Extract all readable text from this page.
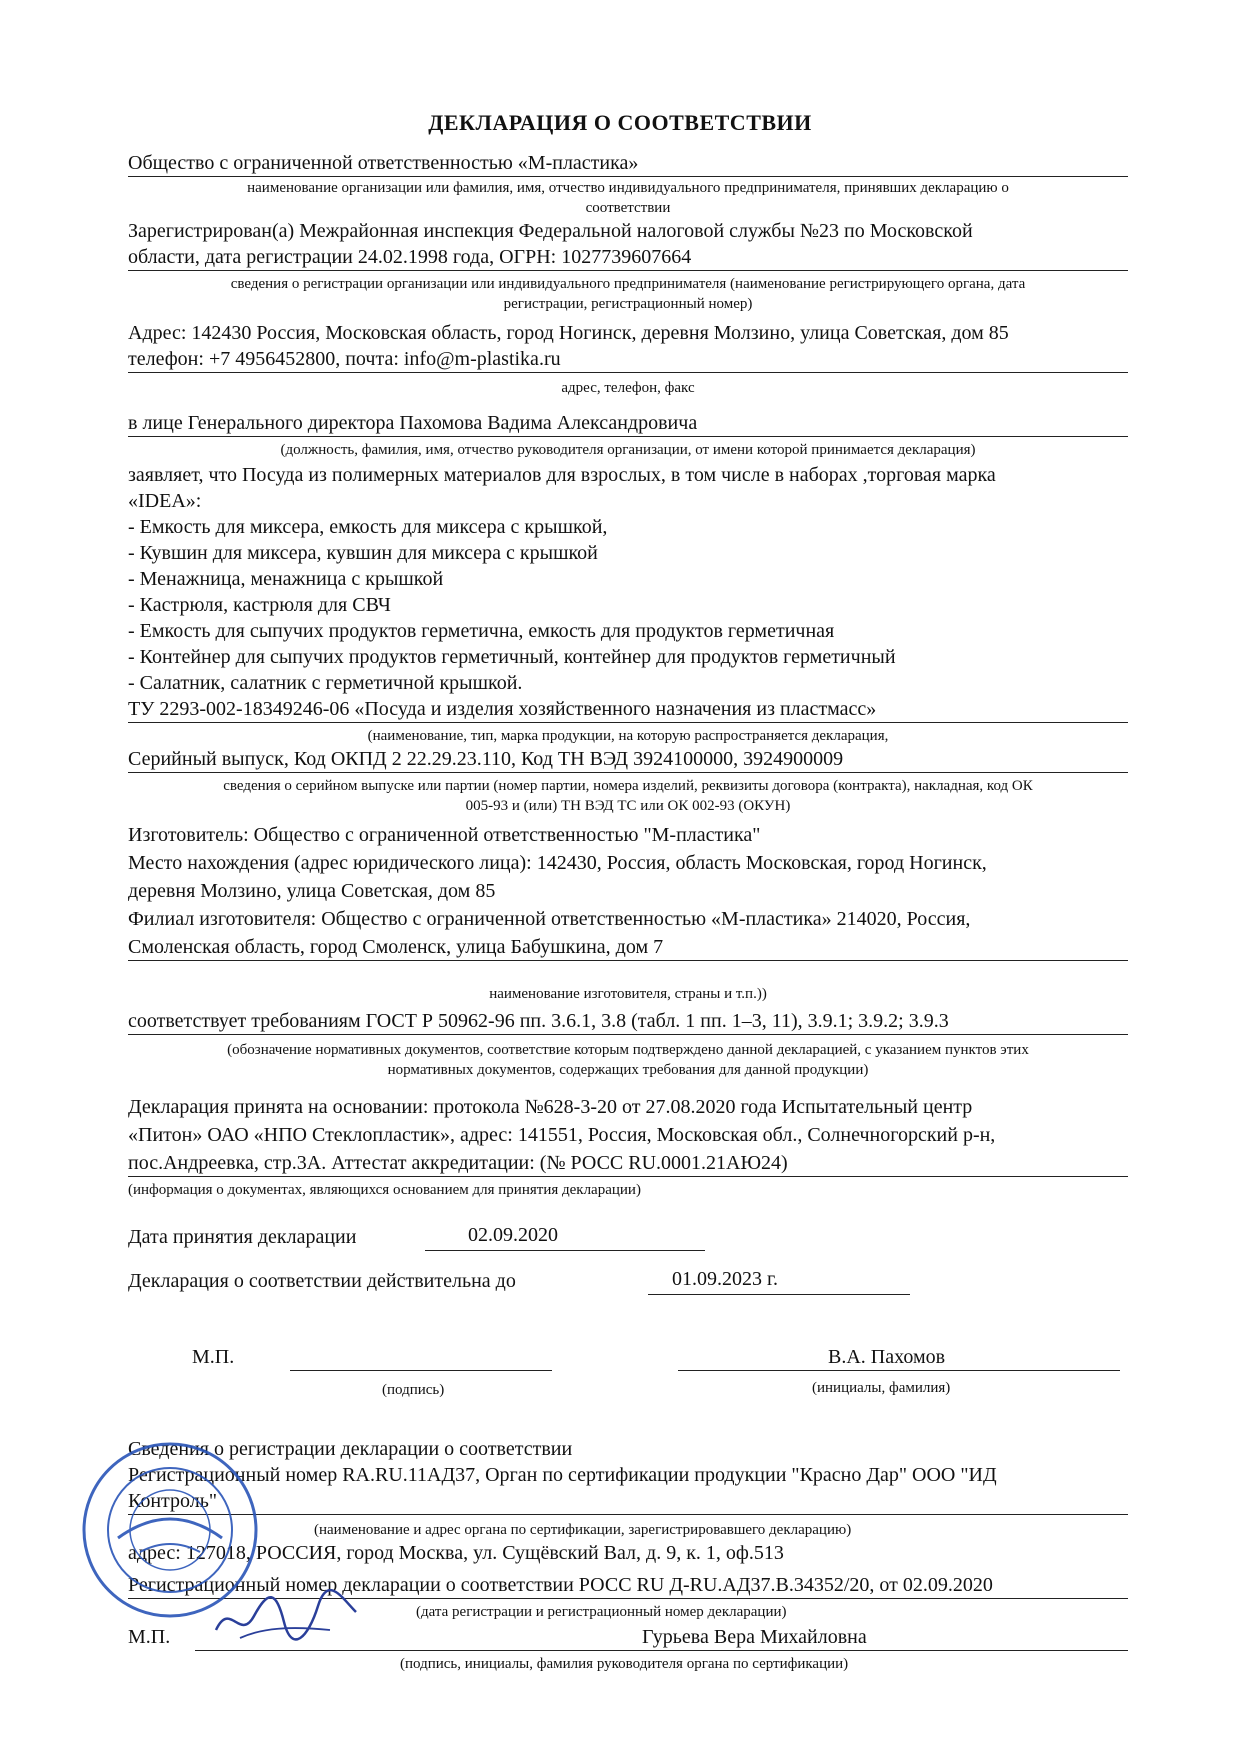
ДЕКЛАРАЦИЯ О СООТВЕТСТВИИ
Общество с ограниченной ответственностью «М-пластика»
наименование организации или фамилия, имя, отчество индивидуального предпринимателя, принявших декларацию о
соответствии
Зарегистрирован(а) Межрайонная инспекция Федеральной налоговой службы №23 по Московской
области, дата регистрации 24.02.1998 года, ОГРН: 1027739607664
сведения о регистрации организации или индивидуального предпринимателя (наименование регистрирующего органа, дата
регистрации, регистрационный номер)
Адрес: 142430 Россия, Московская область, город Ногинск, деревня Молзино, улица Советская, дом 85
телефон: +7 4956452800, почта: info@m-plastika.ru
адрес, телефон, факс
в лице Генерального директора Пахомова Вадима Александровича
(должность, фамилия, имя, отчество руководителя организации, от имени которой принимается декларация)
заявляет, что Посуда из полимерных материалов для взрослых, в том числе в наборах ,торговая марка
«IDEA»:
- Емкость для миксера, емкость для миксера с крышкой,
- Кувшин для миксера, кувшин для миксера с крышкой
- Менажница, менажница с крышкой
- Кастрюля, кастрюля для СВЧ
- Емкость для сыпучих продуктов герметична, емкость для продуктов герметичная
- Контейнер для сыпучих продуктов герметичный, контейнер для продуктов герметичный
- Салатник, салатник с герметичной крышкой.
ТУ 2293-002-18349246-06 «Посуда и изделия хозяйственного назначения из пластмасс»
(наименование, тип, марка продукции, на которую распространяется декларация,
Серийный выпуск, Код ОКПД 2 22.29.23.110, Код ТН ВЭД 3924100000, 3924900009
сведения о серийном выпуске или партии (номер партии, номера изделий, реквизиты договора (контракта), накладная, код ОК
005-93 и (или) ТН ВЭД ТС или ОК 002-93 (ОКУН)
Изготовитель: Общество с ограниченной ответственностью "М-пластика"
Место нахождения (адрес юридического лица): 142430, Россия, область Московская, город Ногинск,
деревня Молзино, улица Советская, дом 85
Филиал изготовителя: Общество с ограниченной ответственностью «М-пластика» 214020, Россия,
Смоленская область, город Смоленск, улица Бабушкина, дом 7
наименование изготовителя, страны и т.п.))
соответствует требованиям ГОСТ Р 50962-96 пп. 3.6.1, 3.8 (табл. 1 пп. 1–3, 11), 3.9.1; 3.9.2; 3.9.3
(обозначение нормативных документов, соответствие которым подтверждено данной декларацией, с указанием пунктов этих
нормативных документов, содержащих требования для данной продукции)
Декларация принята на основании: протокола №628-3-20 от 27.08.2020 года Испытательный центр
«Питон» ОАО «НПО Стеклопластик», адрес: 141551, Россия, Московская обл., Солнечногорский р-н,
пос.Андреевка, стр.3А. Аттестат аккредитации: (№ РОСС RU.0001.21АЮ24)
(информация о документах, являющихся основанием для принятия декларации)
Дата принятия декларации	02.09.2020
Декларация о соответствии действительна до	01.09.2023 г.
М.П.	В.А. Пахомов
(подпись)	(инициалы, фамилия)
Сведения о регистрации декларации о соответствии
Регистрационный номер RA.RU.11АД37, Орган по сертификации продукции "Красно Дар" ООО "ИД
Контроль"
(наименование и адрес органа по сертификации, зарегистрировавшего декларацию)
адрес: 127018, РОССИЯ, город Москва, ул. Сущёвский Вал, д. 9, к. 1, оф.513
Регистрационный номер декларации о соответствии РОСС RU Д-RU.АД37.В.34352/20, от 02.09.2020
(дата регистрации и регистрационный номер декларации)
М.П.	Гурьева Вера Михайловна
(подпись, инициалы, фамилия руководителя органа по сертификации)
